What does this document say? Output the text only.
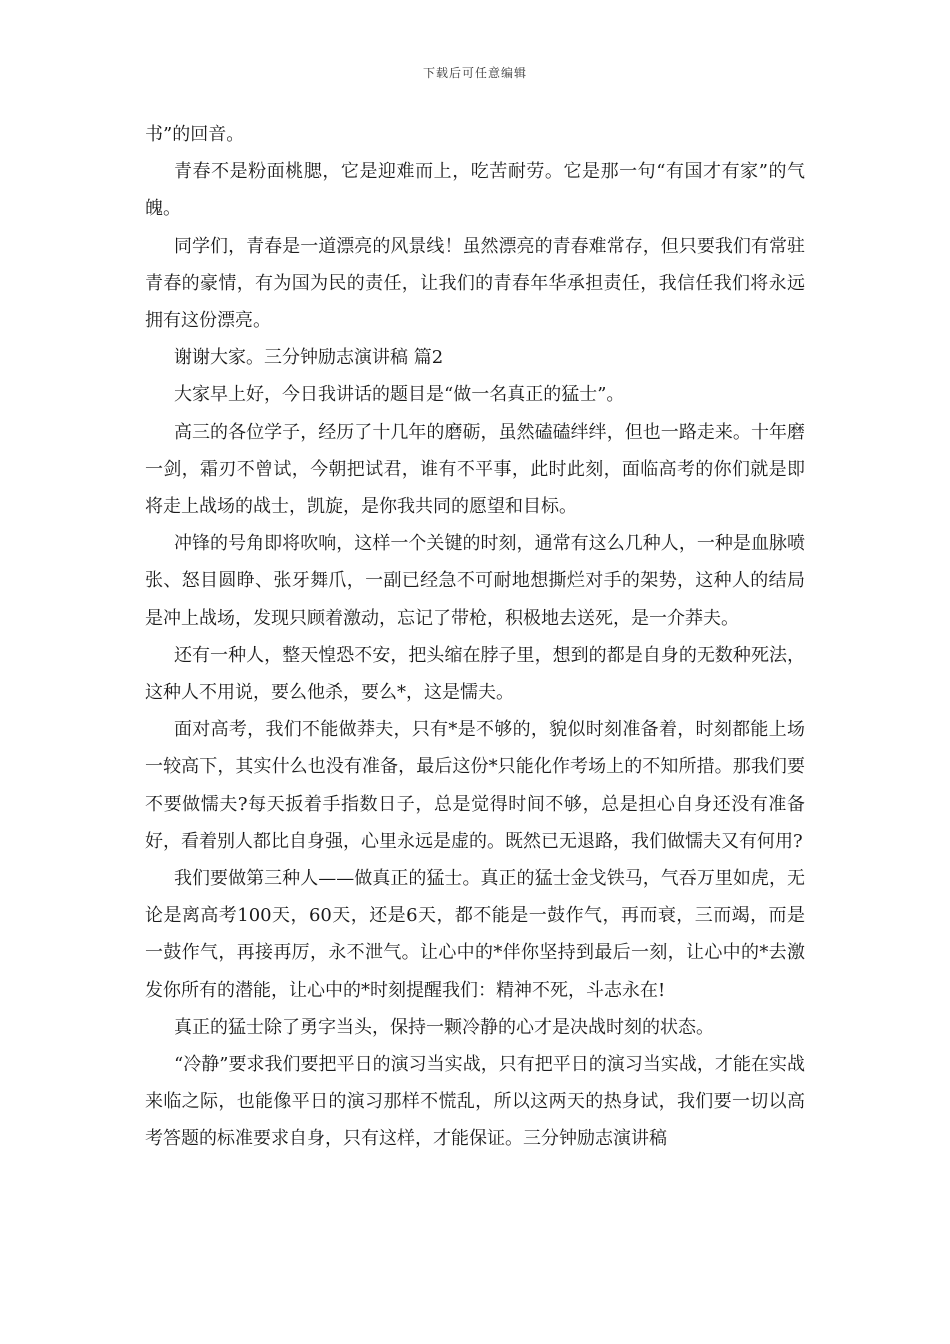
下载后可任意编辑

书”的回音。

青春不是粉面桃腮，它是迎难而上，吃苦耐劳。它是那一句“有国才有家”的气魄。

同学们，青春是一道漂亮的风景线！虽然漂亮的青春难常存，但只要我们有常驻青春的豪情，有为国为民的责任，让我们的青春年华承担责任，我信任我们将永远拥有这份漂亮。

谢谢大家。三分钟励志演讲稿 篇2

大家早上好，今日我讲话的题目是“做一名真正的猛士”。

高三的各位学子，经历了十几年的磨砺，虽然磕磕绊绊，但也一路走来。十年磨一剑，霜刃不曾试，今朝把试君，谁有不平事，此时此刻，面临高考的你们就是即将走上战场的战士，凯旋，是你我共同的愿望和目标。

冲锋的号角即将吹响，这样一个关键的时刻，通常有这么几种人，一种是血脉喷张、怒目圆睁、张牙舞爪，一副已经急不可耐地想撕烂对手的架势，这种人的结局是冲上战场，发现只顾着激动，忘记了带枪，积极地去送死，是一介莽夫。

还有一种人，整天惶恐不安，把头缩在脖子里，想到的都是自身的无数种死法，这种人不用说，要么他杀，要么*，这是懦夫。

面对高考，我们不能做莽夫，只有*是不够的，貌似时刻准备着，时刻都能上场一较高下，其实什么也没有准备，最后这份*只能化作考场上的不知所措。那我们要不要做懦夫?每天扳着手指数日子，总是觉得时间不够，总是担心自身还没有准备好，看着别人都比自身强，心里永远是虚的。既然已无退路，我们做懦夫又有何用?

我们要做第三种人——做真正的猛士。真正的猛士金戈铁马，气吞万里如虎，无论是离高考100天，60天，还是6天，都不能是一鼓作气，再而衰，三而竭，而是一鼓作气，再接再厉，永不泄气。让心中的*伴你坚持到最后一刻，让心中的*去激发你所有的潜能，让心中的*时刻提醒我们：精神不死，斗志永在!

真正的猛士除了勇字当头，保持一颗冷静的心才是决战时刻的状态。

“冷静”要求我们要把平日的演习当实战，只有把平日的演习当实战，才能在实战来临之际，也能像平日的演习那样不慌乱，所以这两天的热身试，我们要一切以高考答题的标准要求自身，只有这样，才能保证。三分钟励志演讲稿
